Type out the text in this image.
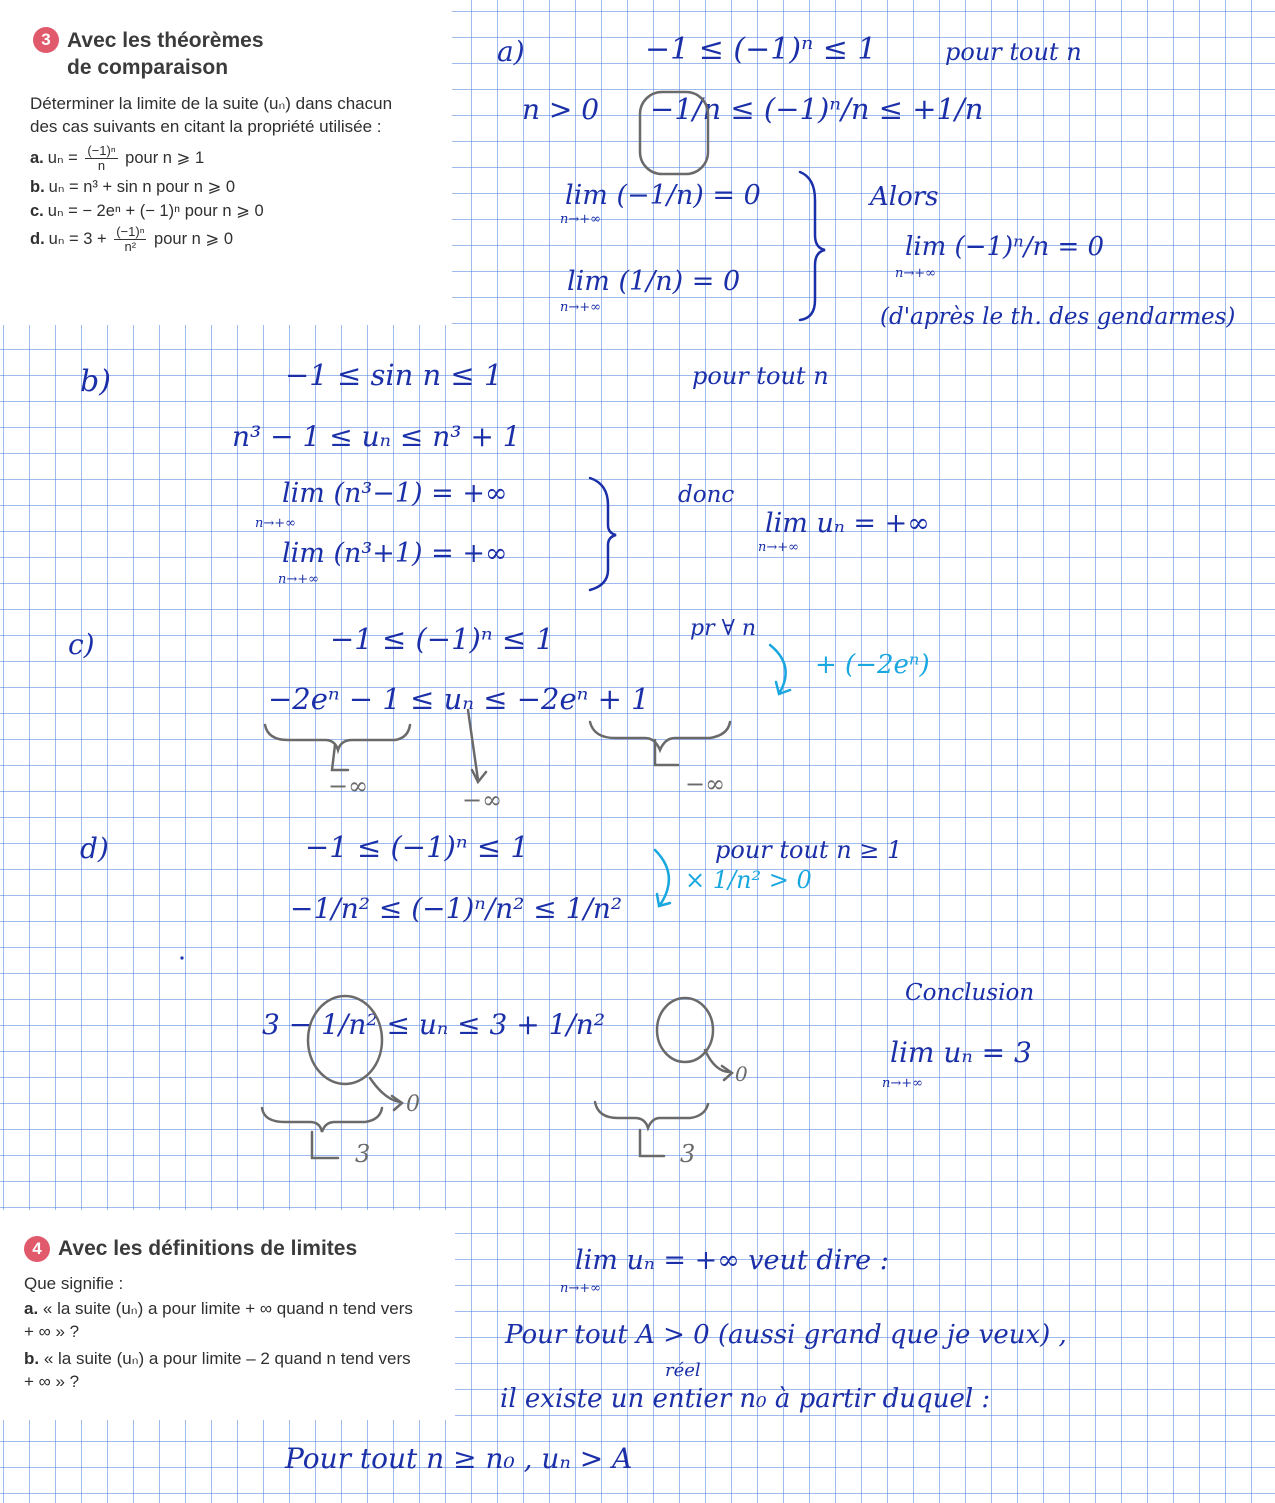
3 Avec les théorèmes
de comparaison
Déterminer la limite de la suite (uₙ) dans chacun
des cas suivants en citant la propriété utilisée :
a. $u_n = \frac{\text{(−1)ⁿ}}{n}$ pour n ⩾ 1
b. uₙ = n³ + sin n pour n ⩾ 0
c. uₙ = − 2eⁿ + (− 1)ⁿ pour n ⩾ 0
d. $u_n = 3 + \frac{\text{(−1)ⁿ}}{\text{n²}}$ pour n ⩾ 0
4 Avec les définitions de limites
Que signifie :
a. « la suite (uₙ) a pour limite + ∞ quand n tend vers
+ ∞ » ?
b. « la suite (uₙ) a pour limite – 2 quand n tend vers
+ ∞ » ?
a)	−1 ≤ (−1)ⁿ ≤ 1	pour tout n
n > 0 −1/n ≤ (−1)ⁿ/n ≤ +1/n
lim (−1/n) = 0
n→+∞
lim (1/n) = 0
n→+∞
Alors
lim (−1)ⁿ/n = 0
n→+∞
(d'après le th. des gendarmes)
b)	−1 ≤ sin n ≤ 1	pour tout n
n³ − 1 ≤ uₙ ≤ n³ + 1
lim (n³−1) = +∞
n→+∞
lim (n³+1) = +∞
n→+∞
donc
lim uₙ = +∞
n→+∞
c)	−1 ≤ (−1)ⁿ ≤ 1	pr ∀ n
+ (−2eⁿ)
−2eⁿ − 1 ≤ uₙ ≤ −2eⁿ + 1
−∞	−∞
−∞
d)	−1 ≤ (−1)ⁿ ≤ 1	pour tout n ≥ 1
× 1/n² > 0
−1/n² ≤ (−1)ⁿ/n² ≤ 1/n²
3 − 1/n² ≤ uₙ ≤ 3 + 1/n²
0
0
3	3
Conclusion
lim uₙ = 3
n→+∞
lim uₙ = +∞ veut dire :
n→+∞
Pour tout A > 0 (aussi grand que je veux) ,
réel
il existe un entier n₀ à partir duquel :
Pour tout n ≥ n₀ , uₙ > A
